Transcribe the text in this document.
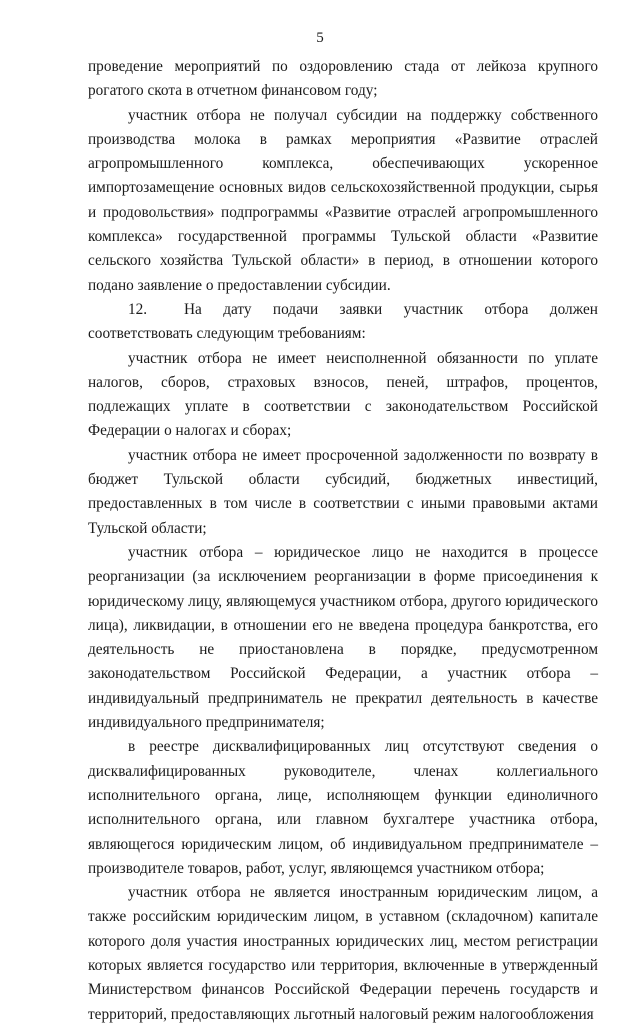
5

проведение мероприятий по оздоровлению стада от лейкоза крупного рогатого скота в отчетном финансовом году;

участник отбора не получал субсидии на поддержку собственного производства молока в рамках мероприятия «Развитие отраслей агропромышленного комплекса, обеспечивающих ускоренное импортозамещение основных видов сельскохозяйственной продукции, сырья и продовольствия» подпрограммы «Развитие отраслей агропромышленного комплекса» государственной программы Тульской области «Развитие сельского хозяйства Тульской области» в период, в отношении которого подано заявление о предоставлении субсидии.

12. На дату подачи заявки участник отбора должен соответствовать следующим требованиям:

участник отбора не имеет неисполненной обязанности по уплате налогов, сборов, страховых взносов, пеней, штрафов, процентов, подлежащих уплате в соответствии с законодательством Российской Федерации о налогах и сборах;

участник отбора не имеет просроченной задолженности по возврату в бюджет Тульской области субсидий, бюджетных инвестиций, предоставленных в том числе в соответствии с иными правовыми актами Тульской области;

участник отбора – юридическое лицо не находится в процессе реорганизации (за исключением реорганизации в форме присоединения к юридическому лицу, являющемуся участником отбора, другого юридического лица), ликвидации, в отношении его не введена процедура банкротства, его деятельность не приостановлена в порядке, предусмотренном законодательством Российской Федерации, а участник отбора – индивидуальный предприниматель не прекратил деятельность в качестве индивидуального предпринимателя;

в реестре дисквалифицированных лиц отсутствуют сведения о дисквалифицированных руководителе, членах коллегиального исполнительного органа, лице, исполняющем функции единоличного исполнительного органа, или главном бухгалтере участника отбора, являющегося юридическим лицом, об индивидуальном предпринимателе – производителе товаров, работ, услуг, являющемся участником отбора;

участник отбора не является иностранным юридическим лицом, а также российским юридическим лицом, в уставном (складочном) капитале которого доля участия иностранных юридических лиц, местом регистрации которых является государство или территория, включенные в утвержденный Министерством финансов Российской Федерации перечень государств и территорий, предоставляющих льготный налоговый режим налогообложения
